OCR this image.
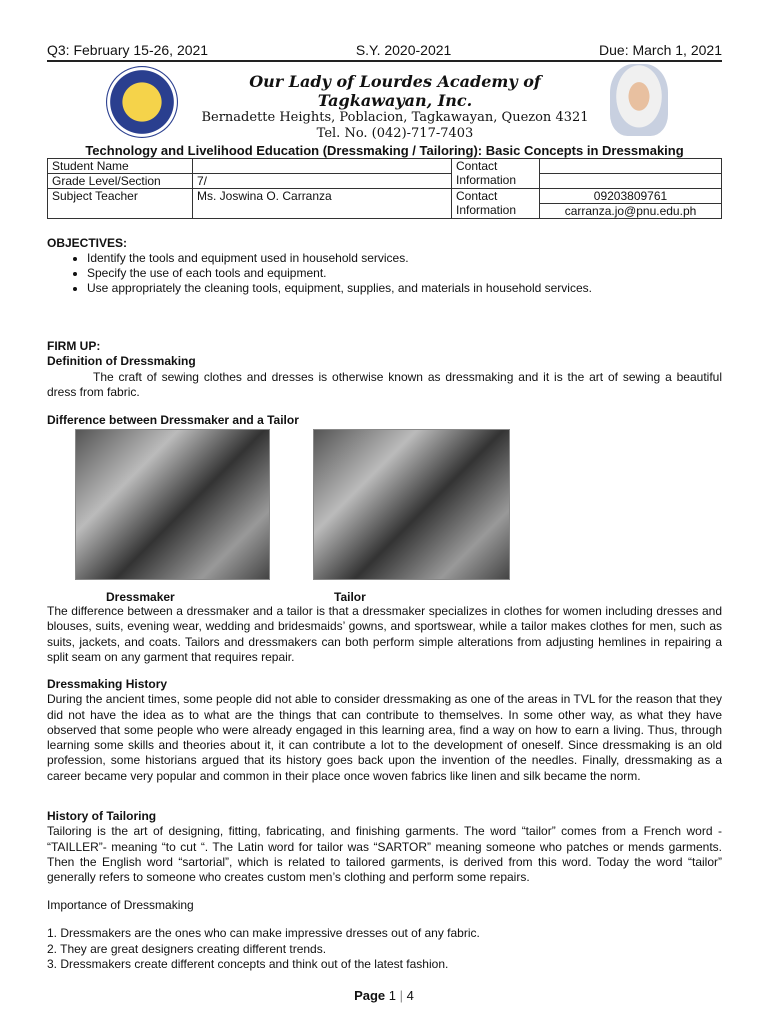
Q3: February 15-26, 2021	S.Y. 2020-2021	Due: March 1, 2021
Our Lady of Lourdes Academy of Tagkawayan, Inc.
Bernadette Heights, Poblacion, Tagkawayan, Quezon 4321
Tel. No. (042)-717-7403
Technology and Livelihood Education (Dressmaking / Tailoring): Basic Concepts in Dressmaking
Student Name		Contact Information	
Grade Level/Section	7/		
Subject Teacher	Ms. Joswina O. Carranza	Contact Information	09203809761
			carranza.jo@pnu.edu.ph
OBJECTIVES:
• Identify the tools and equipment used in household services.
• Specify the use of each tools and equipment.
• Use appropriately the cleaning tools, equipment, supplies, and materials in household services.
FIRM UP:
Definition of Dressmaking
The craft of sewing clothes and dresses is otherwise known as dressmaking and it is the art of sewing a beautiful dress from fabric.
Difference between Dressmaker and a Tailor
Dressmaker	Tailor
The difference between a dressmaker and a tailor is that a dressmaker specializes in clothes for women including dresses and blouses, suits, evening wear, wedding and bridesmaids’ gowns, and sportswear, while a tailor makes clothes for men, such as suits, jackets, and coats. Tailors and dressmakers can both perform simple alterations from adjusting hemlines in repairing a split seam on any garment that requires repair.
Dressmaking History
During the ancient times, some people did not able to consider dressmaking as one of the areas in TVL for the reason that they did not have the idea as to what are the things that can contribute to themselves. In some other way, as what they have observed that some people who were already engaged in this learning area, find a way on how to earn a living. Thus, through learning some skills and theories about it, it can contribute a lot to the development of oneself. Since dressmaking is an old profession, some historians argued that its history goes back upon the invention of the needles. Finally, dressmaking as a career became very popular and common in their place once woven fabrics like linen and silk became the norm.
History of Tailoring
Tailoring is the art of designing, fitting, fabricating, and finishing garments. The word “tailor” comes from a French word - “TAILLER”- meaning “to cut “. The Latin word for tailor was “SARTOR” meaning someone who patches or mends garments. Then the English word “sartorial”, which is related to tailored garments, is derived from this word. Today the word “tailor” generally refers to someone who creates custom men’s clothing and perform some repairs.
Importance of Dressmaking
1. Dressmakers are the ones who can make impressive dresses out of any fabric.
2. They are great designers creating different trends.
3. Dressmakers create different concepts and think out of the latest fashion.
Page 1 | 4
